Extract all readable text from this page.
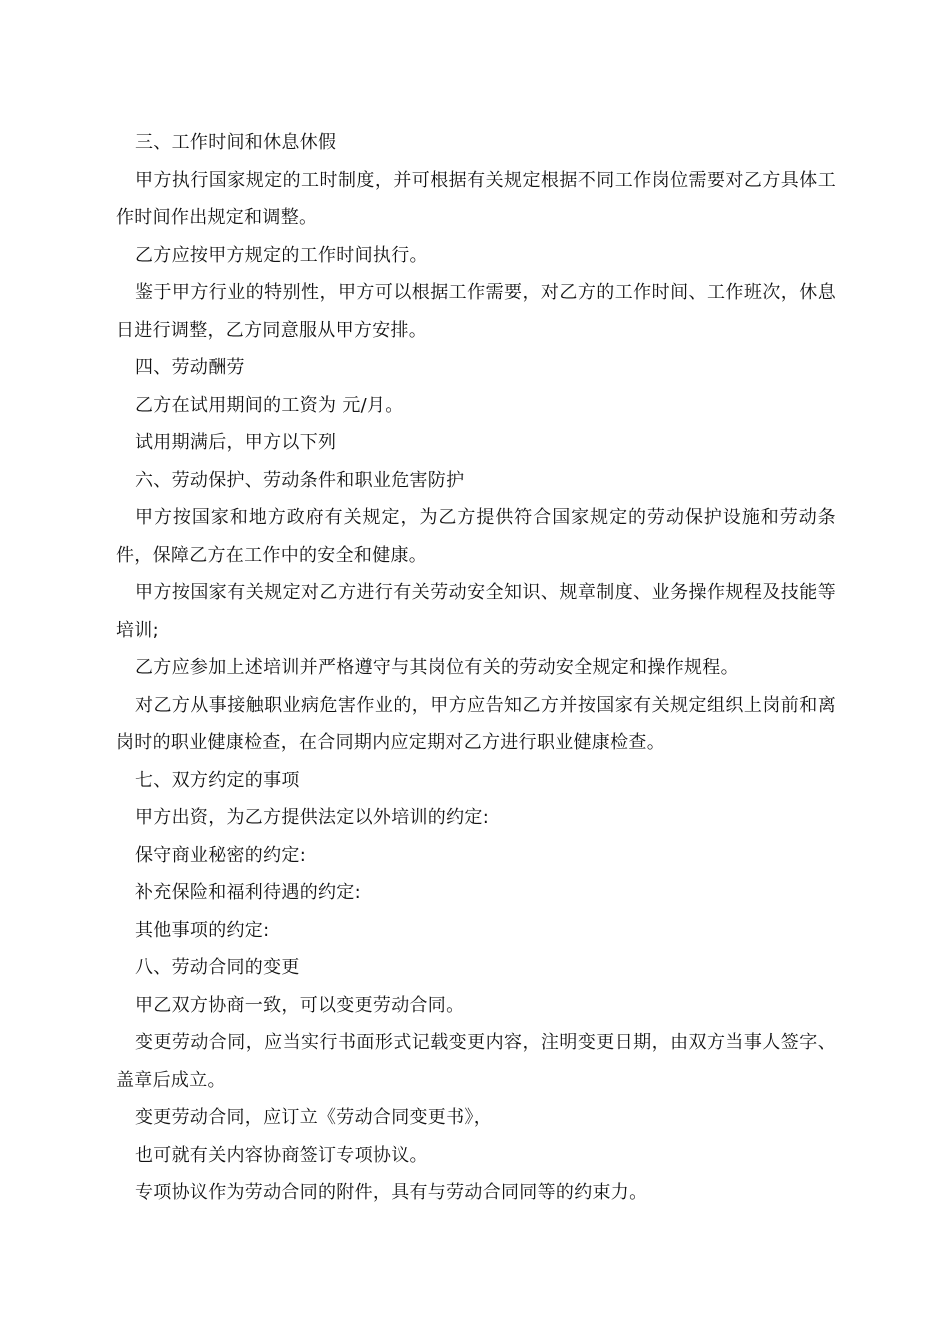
三、工作时间和休息休假

甲方执行国家规定的工时制度，并可根据有关规定根据不同工作岗位需要对乙方具体工作时间作出规定和调整。

乙方应按甲方规定的工作时间执行。

鉴于甲方行业的特别性，甲方可以根据工作需要，对乙方的工作时间、工作班次，休息日进行调整，乙方同意服从甲方安排。

四、劳动酬劳

乙方在试用期间的工资为 元/月。

试用期满后，甲方以下列

六、劳动保护、劳动条件和职业危害防护

甲方按国家和地方政府有关规定，为乙方提供符合国家规定的劳动保护设施和劳动条件，保障乙方在工作中的安全和健康。

甲方按国家有关规定对乙方进行有关劳动安全知识、规章制度、业务操作规程及技能等培训;

乙方应参加上述培训并严格遵守与其岗位有关的劳动安全规定和操作规程。

对乙方从事接触职业病危害作业的，甲方应告知乙方并按国家有关规定组织上岗前和离岗时的职业健康检查，在合同期内应定期对乙方进行职业健康检查。

七、双方约定的事项

甲方出资，为乙方提供法定以外培训的约定:

保守商业秘密的约定:

补充保险和福利待遇的约定:

其他事项的约定:

八、劳动合同的变更

甲乙双方协商一致，可以变更劳动合同。

变更劳动合同，应当实行书面形式记载变更内容，注明变更日期，由双方当事人签字、盖章后成立。

变更劳动合同，应订立《劳动合同变更书》，

也可就有关内容协商签订专项协议。

专项协议作为劳动合同的附件，具有与劳动合同同等的约束力。
